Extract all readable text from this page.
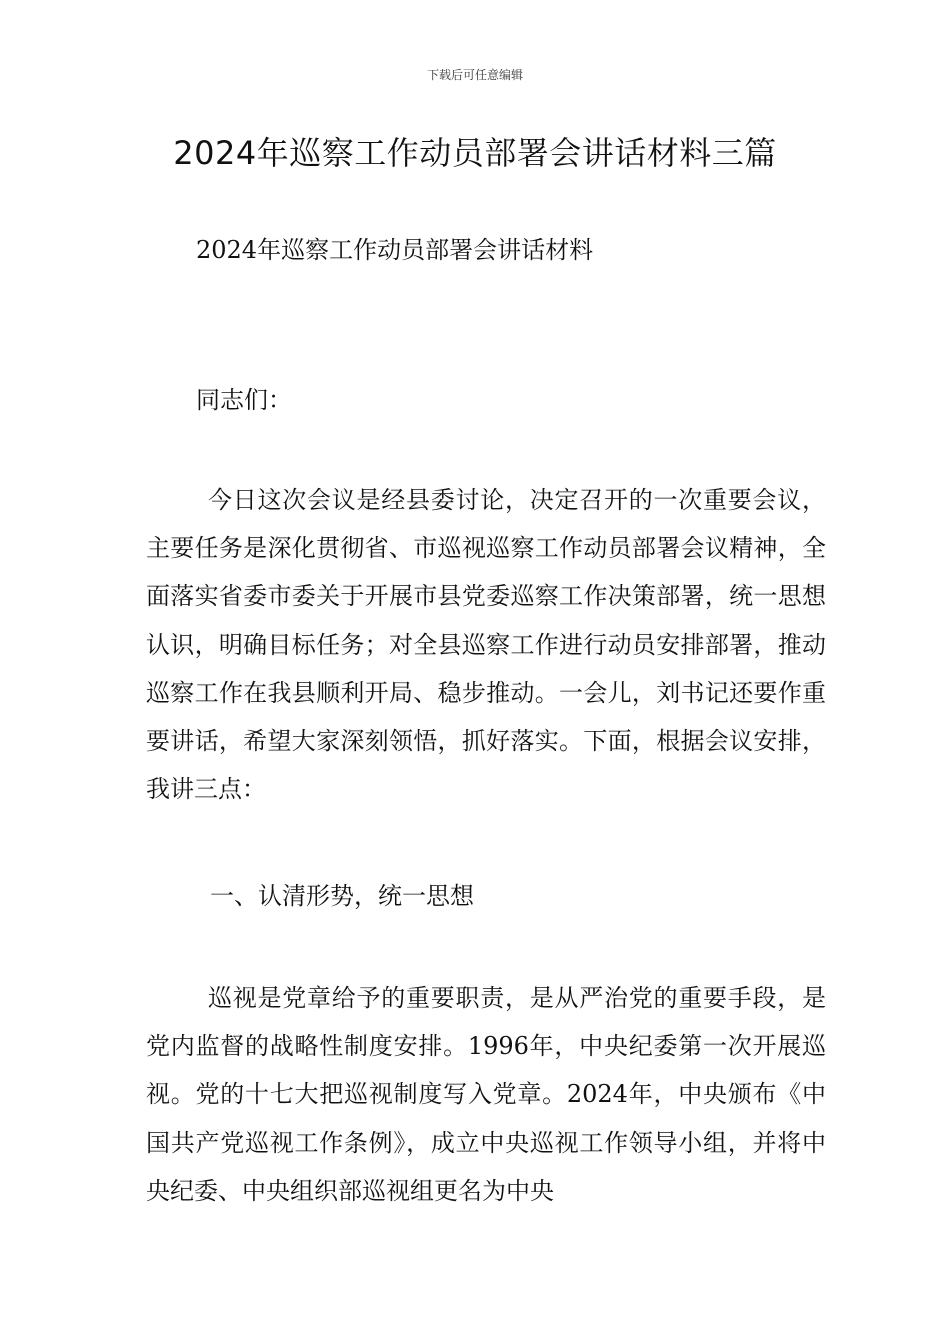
下载后可任意编辑
2024年巡察工作动员部署会讲话材料三篇
2024年巡察工作动员部署会讲话材料
同志们：

今日这次会议是经县委讨论，决定召开的一次重要会议，主要任务是深化贯彻省、市巡视巡察工作动员部署会议精神，全面落实省委市委关于开展市县党委巡察工作决策部署，统一思想认识，明确目标任务；对全县巡察工作进行动员安排部署，推动巡察工作在我县顺利开局、稳步推动。一会儿，刘书记还要作重要讲话，希望大家深刻领悟，抓好落实。下面，根据会议安排，我讲三点：

一、认清形势，统一思想

巡视是党章给予的重要职责，是从严治党的重要手段，是党内监督的战略性制度安排。1996年，中央纪委第一次开展巡视。党的十七大把巡视制度写入党章。2024年，中央颁布《中国共产党巡视工作条例》，成立中央巡视工作领导小组，并将中央纪委、中央组织部巡视组更名为中央
